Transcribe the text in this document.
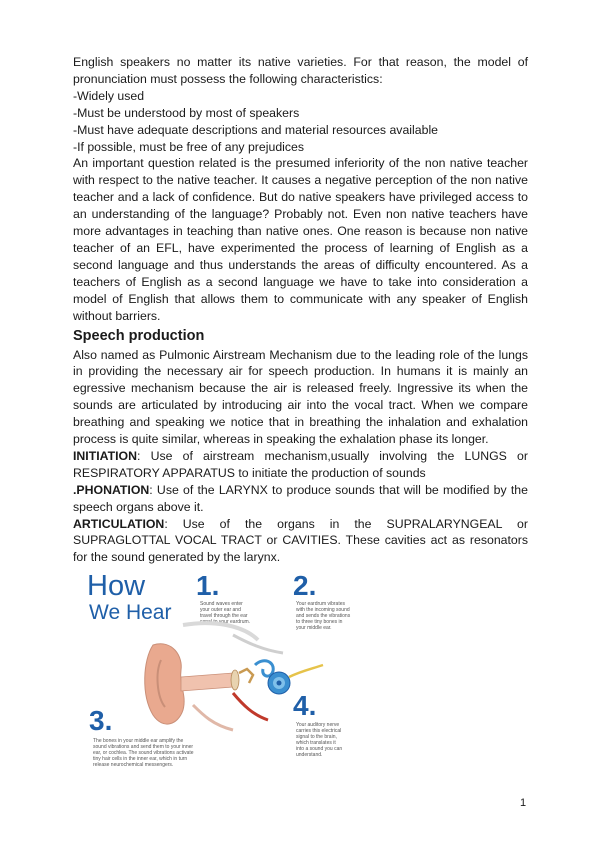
English speakers no matter its native varieties. For that reason, the model of pronunciation must possess the following characteristics:

-Widely used

-Must be understood by most of speakers

-Must have adequate descriptions and material resources available

-If possible, must be free of any prejudices

An important question related is the presumed inferiority of the non native teacher with respect to the native teacher. It causes a negative perception of the non native teacher and a lack of confidence. But do native speakers have privileged access to an understanding of the language? Probably not. Even non native teachers have more advantages in teaching than native ones. One reason is because non native teacher of an EFL, have experimented the process of learning of English as a second language and thus understands the areas of difficulty encountered. As a teachers of English as a second language we have to take into consideration a model of English that allows them to communicate with any speaker of English without barriers.

Speech production

Also named as Pulmonic Airstream Mechanism due to the leading role of the lungs in providing the necessary air for speech production. In humans it is mainly an egressive mechanism because the air is released freely. Ingressive its when the sounds are articulated by introducing air into the vocal tract. When we compare breathing and speaking we notice that in breathing the inhalation and exhalation process is quite similar, whereas in speaking the exhalation phase its longer.

INITIATION: Use of airstream mechanism,usually involving the LUNGS or RESPIRATORY APPARATUS to initiate the production of sounds

.PHONATION: Use of the LARYNX to produce sounds that will be modified by the speech organs above it.

ARTICULATION: Use of the organs in the SUPRALARYNGEAL or SUPRAGLOTTAL VOCAL TRACT or CAVITIES. These cavities act as resonators for the sound generated by the larynx.

How
We Hear
1.	2.
3.	4.
Sound waves enter
your outer ear and
travel through the ear
canal to your eardrum.
Your eardrum vibrates
with the incoming sound
and sends the vibrations
to three tiny bones in
your middle ear.
The bones in your middle ear amplify the
sound vibrations and send them to your inner
ear, or cochlea. The sound vibrations activate
tiny hair cells in the inner ear, which in turn
release neurochemical messengers.
Your auditory nerve
carries this electrical
signal to the brain,
which translates it
into a sound you can
understand.
1
